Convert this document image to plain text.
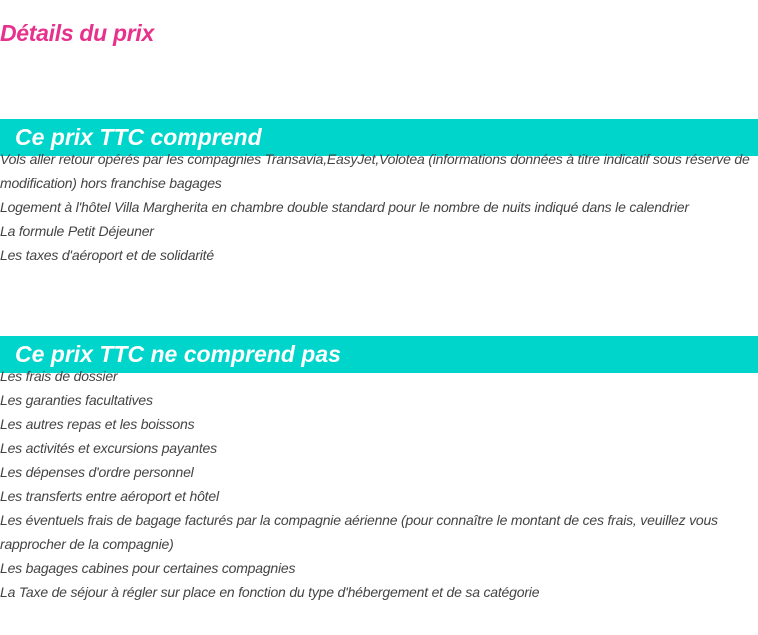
Détails du prix
Ce prix TTC comprend
Vols aller retour opérés par les compagnies Transavia,EasyJet,Volotea (informations données à titre indicatif sous réserve de modification) hors franchise bagages
Logement à l'hôtel Villa Margherita en chambre double standard pour le nombre de nuits indiqué dans le calendrier
La formule Petit Déjeuner
Les taxes d'aéroport et de solidarité
Ce prix TTC ne comprend pas
Les frais de dossier
Les garanties facultatives
Les autres repas et les boissons
Les activités et excursions payantes
Les dépenses d'ordre personnel
Les transferts entre aéroport et hôtel
Les éventuels frais de bagage facturés par la compagnie aérienne (pour connaître le montant de ces frais, veuillez vous rapprocher de la compagnie)
Les bagages cabines pour certaines compagnies
La Taxe de séjour à régler sur place en fonction du type d'hébergement et de sa catégorie
